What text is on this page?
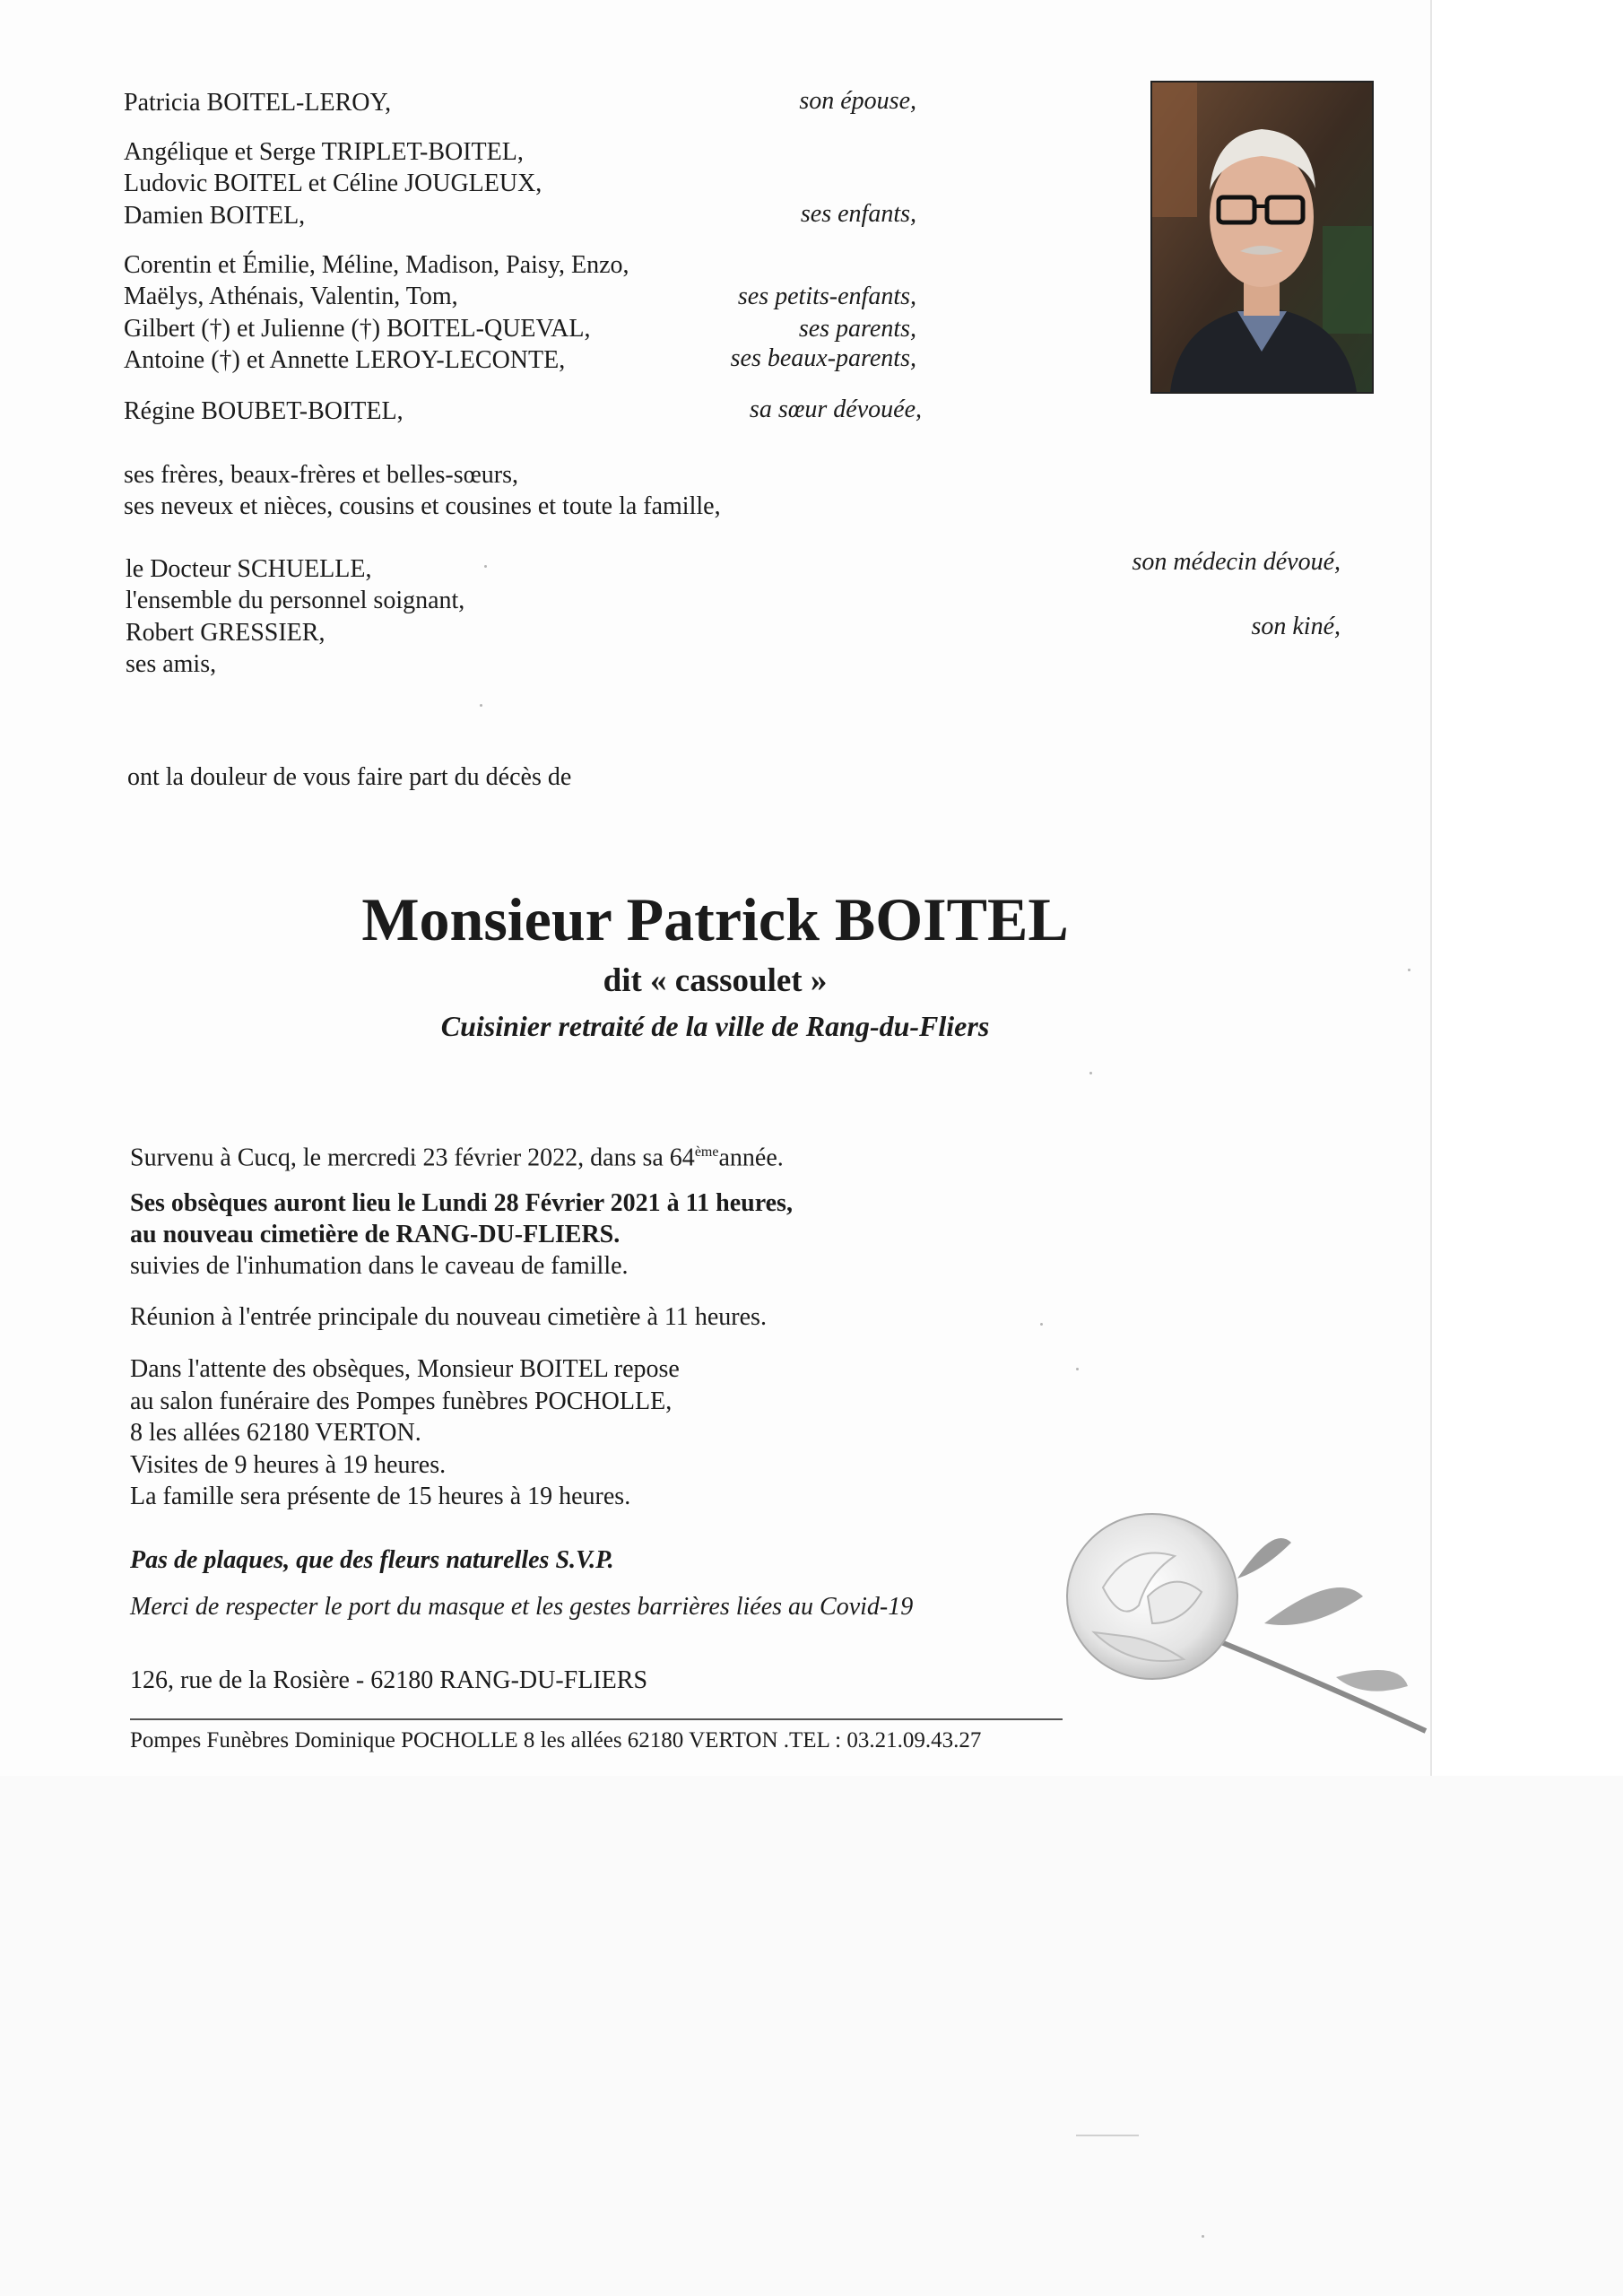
Patricia BOITEL-LEROY,	son épouse,
Angélique et Serge TRIPLET-BOITEL,
Ludovic BOITEL et Céline JOUGLEUX,
Damien BOITEL,	ses enfants,
Corentin et Émilie, Méline, Madison, Paisy, Enzo,
Maëlys, Athénais, Valentin, Tom,	ses petits-enfants,
Gilbert (†) et Julienne (†) BOITEL-QUEVAL,	ses parents,
Antoine (†) et Annette LEROY-LECONTE,	ses beaux-parents,
Régine BOUBET-BOITEL,	sa sœur dévouée,
ses frères, beaux-frères et belles-sœurs,
ses neveux et nièces, cousins et cousines et toute la famille,
le Docteur SCHUELLE,	son médecin dévoué,
l'ensemble du personnel soignant,
Robert GRESSIER,	son kiné,
ses amis,
ont la douleur de vous faire part du décès de
Monsieur Patrick BOITEL
dit « cassoulet »
Cuisinier retraité de la ville de Rang-du-Fliers
Survenu à Cucq, le mercredi 23 février 2022, dans sa 64èmeannée.
Ses obsèques auront lieu le Lundi 28 Février 2021 à 11 heures,
au nouveau cimetière de RANG-DU-FLIERS.
suivies de l'inhumation dans le caveau de famille.
Réunion à l'entrée principale du nouveau cimetière à 11 heures.
Dans l'attente des obsèques, Monsieur BOITEL repose
au salon funéraire des Pompes funèbres POCHOLLE,
8 les allées 62180 VERTON.
Visites de 9 heures à 19 heures.
La famille sera présente de 15 heures à 19 heures.
Pas de plaques, que des fleurs naturelles S.V.P.
Merci de respecter le port du masque et les gestes barrières liées au Covid-19
126, rue de la Rosière - 62180 RANG-DU-FLIERS
Pompes Funèbres Dominique POCHOLLE 8 les allées 62180 VERTON .TEL : 03.21.09.43.27
